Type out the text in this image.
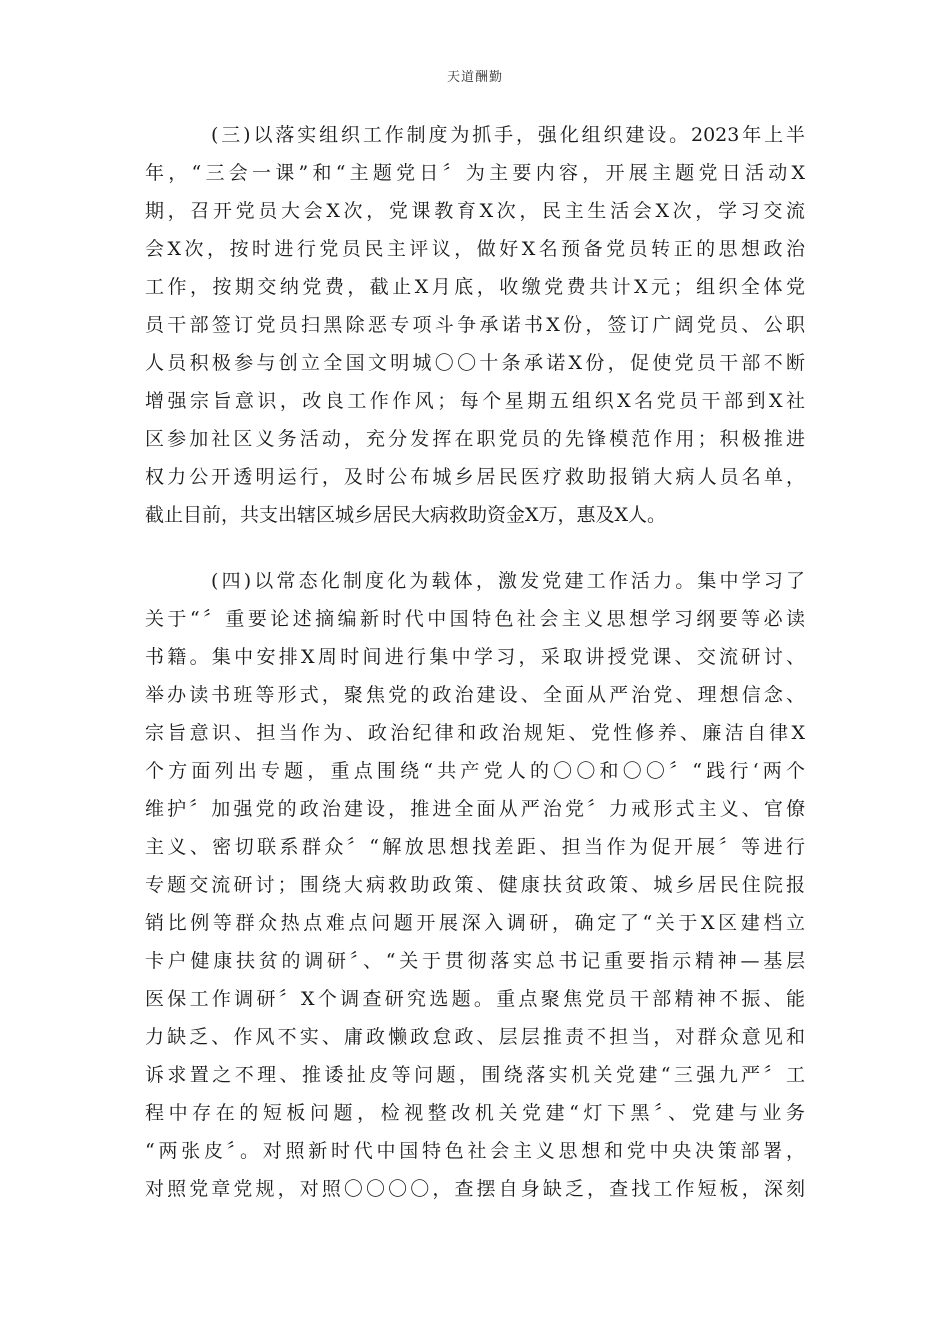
天道酬勤

(三)以落实组织工作制度为抓手，强化组织建设。2023年上半
年，“三会一课”和“主题党日〞为主要内容，开展主题党日活动X
期，召开党员大会X次，党课教育X次，民主生活会X次，学习交流
会X次，按时进行党员民主评议，做好X名预备党员转正的思想政治
工作，按期交纳党费，截止X月底，收缴党费共计X元；组织全体党
员干部签订党员扫黑除恶专项斗争承诺书X份，签订广阔党员、公职
人员积极参与创立全国文明城〇〇十条承诺X份，促使党员干部不断
增强宗旨意识，改良工作作风；每个星期五组织X名党员干部到X社
区参加社区义务活动，充分发挥在职党员的先锋模范作用；积极推进
权力公开透明运行，及时公布城乡居民医疗救助报销大病人员名单，
截止目前，共支出辖区城乡居民大病救助资金X万，惠及X人。

(四)以常态化制度化为载体，激发党建工作活力。集中学习了
关于“〞重要论述摘编新时代中国特色社会主义思想学习纲要等必读
书籍。集中安排X周时间进行集中学习，采取讲授党课、交流研讨、
举办读书班等形式，聚焦党的政治建设、全面从严治党、理想信念、
宗旨意识、担当作为、政治纪律和政治规矩、党性修养、廉洁自律X
个方面列出专题，重点围绕“共产党人的〇〇和〇〇〞“践行‘两个
维护〞加强党的政治建设，推进全面从严治党〞力戒形式主义、官僚
主义、密切联系群众〞“解放思想找差距、担当作为促开展〞等进行
专题交流研讨；围绕大病救助政策、健康扶贫政策、城乡居民住院报
销比例等群众热点难点问题开展深入调研，确定了“关于X区建档立
卡户健康扶贫的调研〞、“关于贯彻落实总书记重要指示精神—基层
医保工作调研〞X个调查研究选题。重点聚焦党员干部精神不振、能
力缺乏、作风不实、庸政懒政怠政、层层推责不担当，对群众意见和
诉求置之不理、推诿扯皮等问题，围绕落实机关党建“三强九严〞工
程中存在的短板问题，检视整改机关党建“灯下黑〞、党建与业务
“两张皮〞。对照新时代中国特色社会主义思想和党中央决策部署，
对照党章党规，对照〇〇〇〇，查摆自身缺乏，查找工作短板，深刻
